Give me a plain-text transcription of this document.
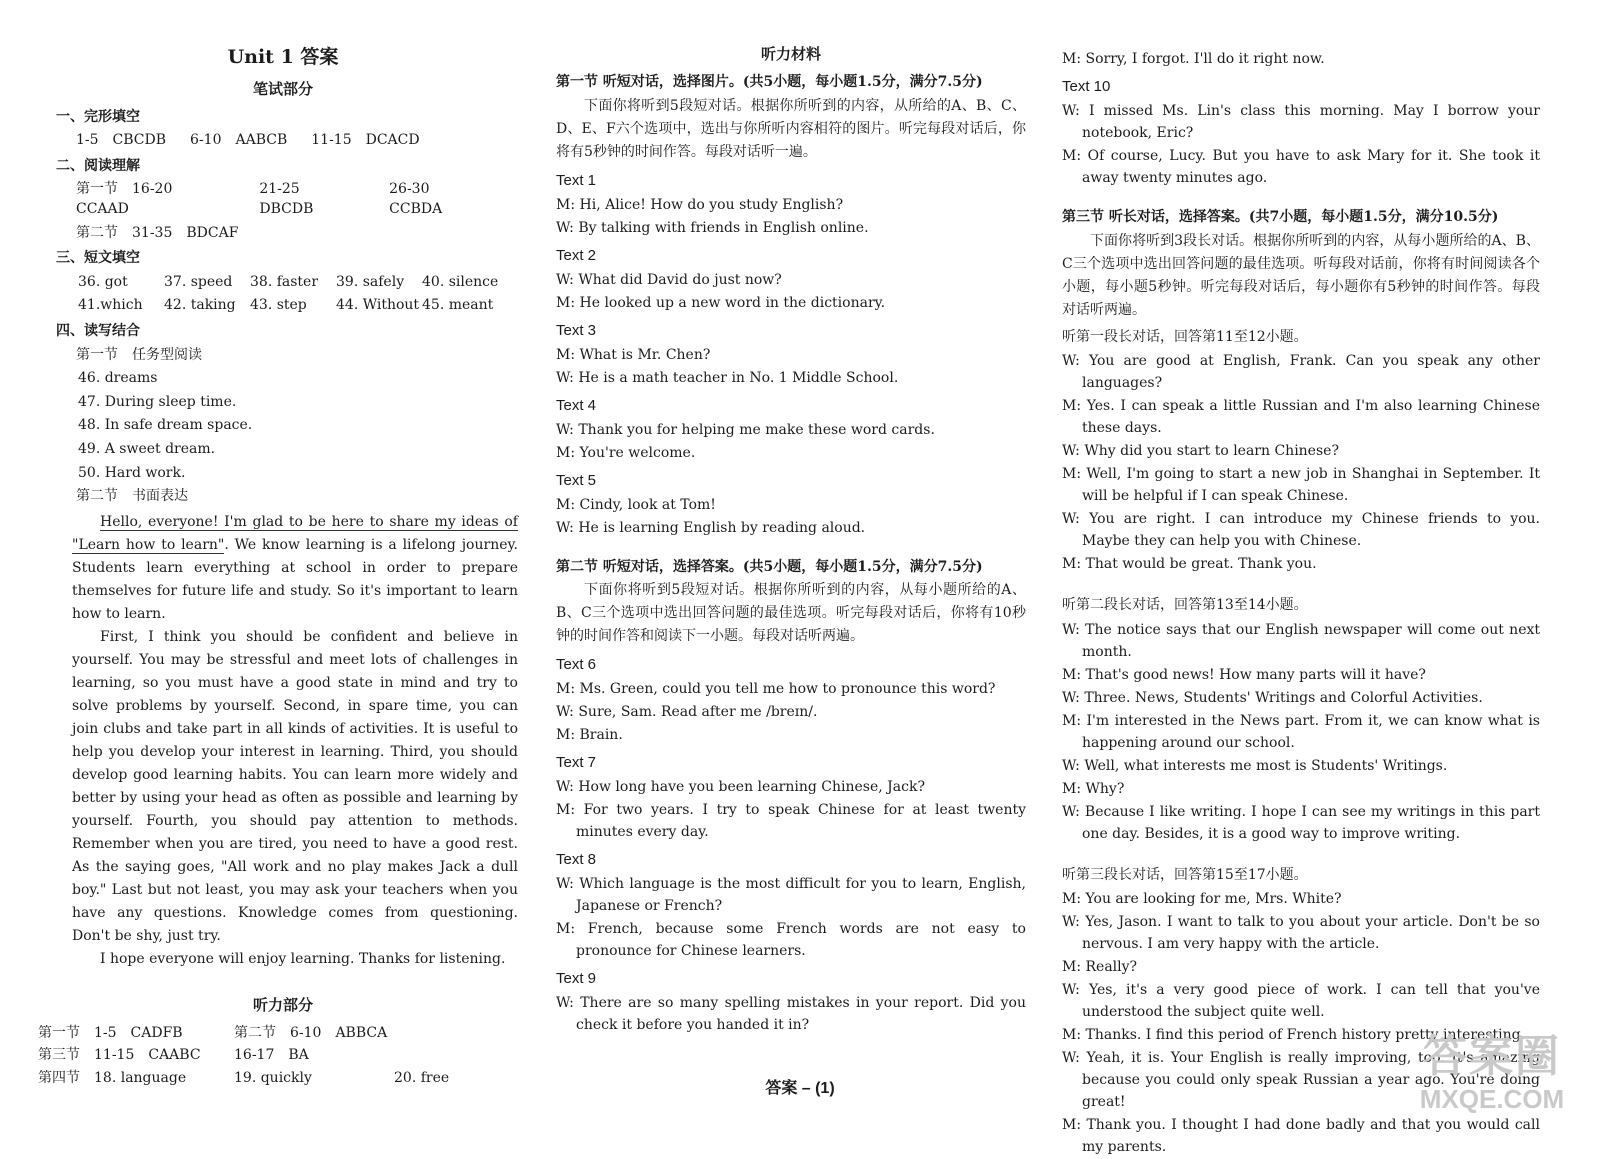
Unit 1 答案
笔试部分
一、完形填空
1-5　CBCDB 6-10　AABCB 11-15　DCACD
二、阅读理解
第一节　16-20　CCAAD
21-25　DBCDB
26-30　CCBDA
第二节　31-35　BDCAF
三、短文填空
36. got	37. speed	38. faster	39. safely	40. silence
41.which	42. taking	43. step	44. Without 45. meant
四、读写结合
第一节　任务型阅读
46. dreams
47. During sleep time.
48. In safe dream space.
49. A sweet dream.
50. Hard work.
第二节　书面表达

Hello, everyone! I'm glad to be here to share my ideas of "Learn how to learn". We know learning is a lifelong journey. Students learn everything at school in order to prepare themselves for future life and study. So it's important to learn how to learn.

First, I think you should be confident and believe in yourself. You may be stressful and meet lots of challenges in learning, so you must have a good state in mind and try to solve problems by yourself. Second, in spare time, you can join clubs and take part in all kinds of activities. It is useful to help you develop your interest in learning. Third, you should develop good learning habits. You can learn more widely and better by using your head as often as possible and learning by yourself. Fourth, you should pay attention to methods. Remember when you are tired, you need to have a good rest. As the saying goes, "All work and no play makes Jack a dull boy." Last but not least, you may ask your teachers when you have any questions. Knowledge comes from questioning. Don't be shy, just try.

I hope everyone will enjoy learning. Thanks for listening.

听力部分
第一节　1-5　CADFB	第二节　6-10　ABBCA
第三节　11-15　CAABC	16-17　BA
第四节　18. language	19. quickly	20. free
听力材料
第一节 听短对话，选择图片。(共5小题，每小题1.5分，满分7.5分)
下面你将听到5段短对话。根据你所听到的内容，从所给的A、B、C、D、E、F六个选项中，选出与你所听内容相符的图片。听完每段对话后，你将有5秒钟的时间作答。每段对话听一遍。
Text 1
M: Hi, Alice! How do you study English?
W: By talking with friends in English online.
Text 2
W: What did David do just now?
M: He looked up a new word in the dictionary.
Text 3
M: What is Mr. Chen?
W: He is a math teacher in No. 1 Middle School.
Text 4
W: Thank you for helping me make these word cards.
M: You're welcome.
Text 5
M: Cindy, look at Tom!
W: He is learning English by reading aloud.
第二节 听短对话，选择答案。(共5小题，每小题1.5分，满分7.5分)
下面你将听到5段短对话。根据你所听到的内容，从每小题所给的A、B、C三个选项中选出回答问题的最佳选项。听完每段对话后，你将有10秒钟的时间作答和阅读下一小题。每段对话听两遍。
Text 6
M: Ms. Green, could you tell me how to pronounce this word?
W: Sure, Sam. Read after me /breɪn/.
M: Brain.
Text 7
W: How long have you been learning Chinese, Jack?
M: For two years. I try to speak Chinese for at least twenty minutes every day.
Text 8
W: Which language is the most difficult for you to learn, English, Japanese or French?
M: French, because some French words are not easy to pronounce for Chinese learners.
Text 9
W: There are so many spelling mistakes in your report. Did you check it before you handed it in?
M: Sorry, I forgot. I'll do it right now.
Text 10
W: I missed Ms. Lin's class this morning. May I borrow your notebook, Eric?
M: Of course, Lucy. But you have to ask Mary for it. She took it away twenty minutes ago.
第三节 听长对话，选择答案。(共7小题，每小题1.5分，满分10.5分)
下面你将听到3段长对话。根据你所听到的内容，从每小题所给的A、B、C三个选项中选出回答问题的最佳选项。听每段对话前，你将有时间阅读各个小题，每小题5秒钟。听完每段对话后，每小题你有5秒钟的时间作答。每段对话听两遍。
听第一段长对话，回答第11至12小题。
W: You are good at English, Frank. Can you speak any other languages?
M: Yes. I can speak a little Russian and I'm also learning Chinese these days.
W: Why did you start to learn Chinese?
M: Well, I'm going to start a new job in Shanghai in September. It will be helpful if I can speak Chinese.
W: You are right. I can introduce my Chinese friends to you. Maybe they can help you with Chinese.
M: That would be great. Thank you.
听第二段长对话，回答第13至14小题。
W: The notice says that our English newspaper will come out next month.
M: That's good news! How many parts will it have?
W: Three. News, Students' Writings and Colorful Activities.
M: I'm interested in the News part. From it, we can know what is happening around our school.
W: Well, what interests me most is Students' Writings.
M: Why?
W: Because I like writing. I hope I can see my writings in this part one day. Besides, it is a good way to improve writing.
听第三段长对话，回答第15至17小题。
M: You are looking for me, Mrs. White?
W: Yes, Jason. I want to talk to you about your article. Don't be so nervous. I am very happy with the article.
M: Really?
W: Yes, it's a very good piece of work. I can tell that you've understood the subject quite well.
M: Thanks. I find this period of French history pretty interesting.
W: Yeah, it is. Your English is really improving, too. It's amazing because you could only speak Russian a year ago. You're doing great!
M: Thank you. I thought I had done badly and that you would call my parents.
答案 – (1)
答案圈
MXQE.COM
